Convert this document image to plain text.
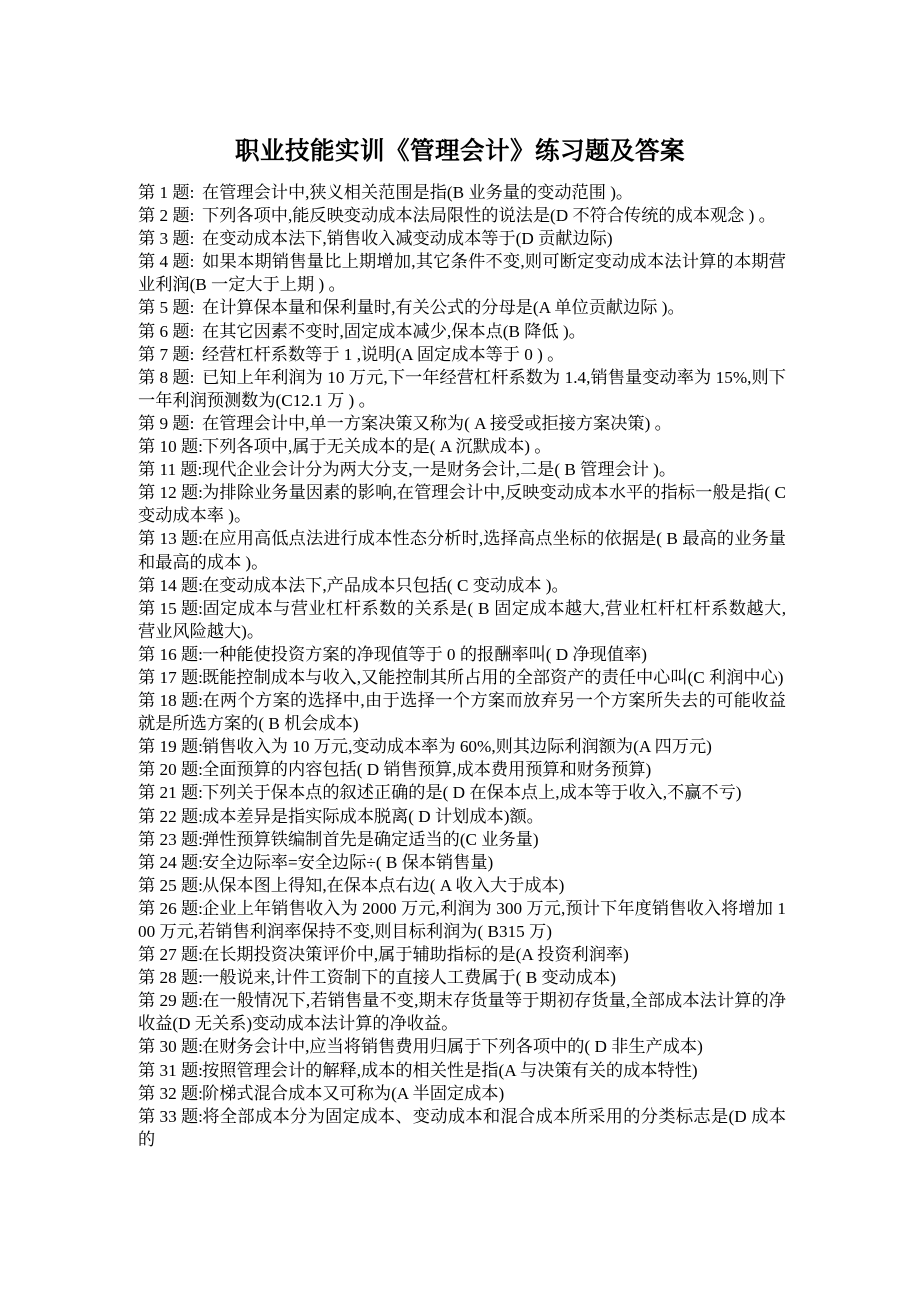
职业技能实训《管理会计》练习题及答案

第 1 题: 在管理会计中,狭义相关范围是指(B 业务量的变动范围 )。

第 2 题: 下列各项中,能反映变动成本法局限性的说法是(D 不符合传统的成本观念 ) 。

第 3 题: 在变动成本法下,销售收入减变动成本等于(D 贡献边际)

第 4 题: 如果本期销售量比上期增加,其它条件不变,则可断定变动成本法计算的本期营业利润(B 一定大于上期 ) 。

第 5 题: 在计算保本量和保利量时,有关公式的分母是(A 单位贡献边际 )。

第 6 题: 在其它因素不变时,固定成本减少,保本点(B 降低 )。

第 7 题: 经营杠杆系数等于 1 ,说明(A 固定成本等于 0 ) 。

第 8 题: 已知上年利润为 10 万元,下一年经营杠杆系数为 1.4,销售量变动率为 15%,则下一年利润预测数为(C12.1 万 ) 。

第 9 题: 在管理会计中,单一方案决策又称为( A 接受或拒接方案决策) 。

第 10 题:下列各项中,属于无关成本的是( A 沉默成本) 。

第 11 题:现代企业会计分为两大分支,一是财务会计,二是( B 管理会计 )。

第 12 题:为排除业务量因素的影响,在管理会计中,反映变动成本水平的指标一般是指( C 变动成本率 )。

第 13 题:在应用高低点法进行成本性态分析时,选择高点坐标的依据是( B 最高的业务量和最高的成本 )。

第 14 题:在变动成本法下,产品成本只包括( C 变动成本 )。

第 15 题:固定成本与营业杠杆系数的关系是( B 固定成本越大,营业杠杆杠杆系数越大,营业风险越大)。

第 16 题:一种能使投资方案的净现值等于 0 的报酬率叫( D 净现值率)

第 17 题:既能控制成本与收入,又能控制其所占用的全部资产的责任中心叫(C 利润中心)

第 18 题:在两个方案的选择中,由于选择一个方案而放弃另一个方案所失去的可能收益就是所选方案的( B 机会成本)

第 19 题:销售收入为 10 万元,变动成本率为 60%,则其边际利润额为(A 四万元)

第 20 题:全面预算的内容包括( D 销售预算,成本费用预算和财务预算)

第 21 题:下列关于保本点的叙述正确的是( D 在保本点上,成本等于收入,不赢不亏)

第 22 题:成本差异是指实际成本脱离( D 计划成本)额。

第 23 题:弹性预算铁编制首先是确定适当的(C 业务量)

第 24 题:安全边际率=安全边际÷( B 保本销售量)

第 25 题:从保本图上得知,在保本点右边( A 收入大于成本)

第 26 题:企业上年销售收入为 2000 万元,利润为 300 万元,预计下年度销售收入将增加 100 万元,若销售利润率保持不变,则目标利润为( B315 万)

第 27 题:在长期投资决策评价中,属于辅助指标的是(A 投资利润率)

第 28 题:一般说来,计件工资制下的直接人工费属于( B 变动成本)

第 29 题:在一般情况下,若销售量不变,期末存货量等于期初存货量,全部成本法计算的净收益(D 无关系)变动成本法计算的净收益。

第 30 题:在财务会计中,应当将销售费用归属于下列各项中的( D 非生产成本)

第 31 题:按照管理会计的解释,成本的相关性是指(A 与决策有关的成本特性)

第 32 题:阶梯式混合成本又可称为(A 半固定成本)

第 33 题:将全部成本分为固定成本、变动成本和混合成本所采用的分类标志是(D 成本的
